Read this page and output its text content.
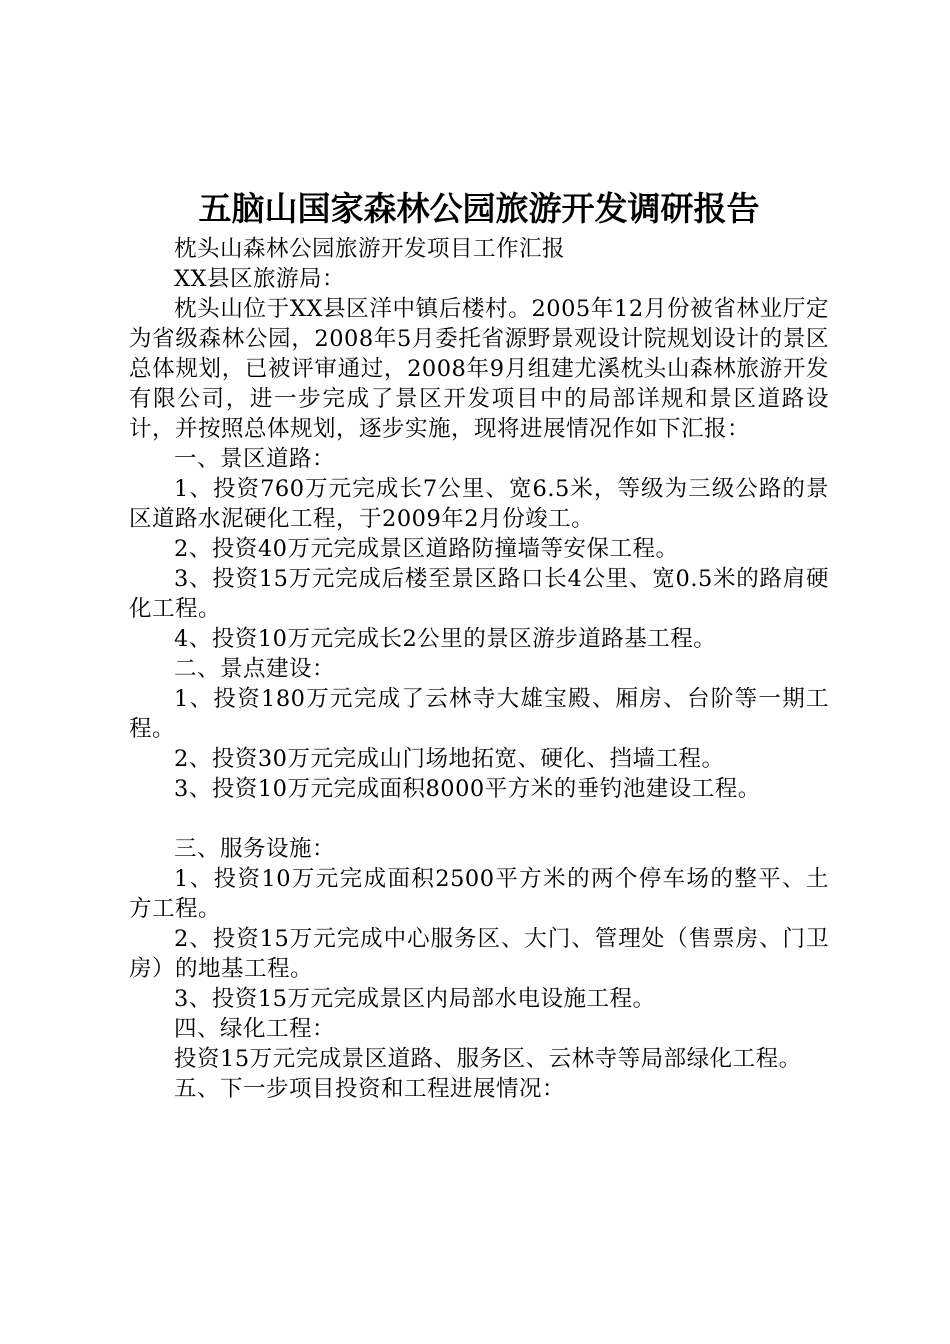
五脑山国家森林公园旅游开发调研报告

枕头山森林公园旅游开发项目工作汇报

XX县区旅游局：

枕头山位于XX县区洋中镇后楼村。2005年12月份被省林业厅定为省级森林公园，2008年5月委托省源野景观设计院规划设计的景区总体规划，已被评审通过，2008年9月组建尤溪枕头山森林旅游开发有限公司，进一步完成了景区开发项目中的局部详规和景区道路设计，并按照总体规划，逐步实施，现将进展情况作如下汇报：

一、景区道路：

1、投资760万元完成长7公里、宽6.5米，等级为三级公路的景区道路水泥硬化工程，于2009年2月份竣工。

2、投资40万元完成景区道路防撞墙等安保工程。

3、投资15万元完成后楼至景区路口长4公里、宽0.5米的路肩硬化工程。

4、投资10万元完成长2公里的景区游步道路基工程。

二、景点建设：

1、投资180万元完成了云林寺大雄宝殿、厢房、台阶等一期工程。

2、投资30万元完成山门场地拓宽、硬化、挡墙工程。

3、投资10万元完成面积8000平方米的垂钓池建设工程。

三、服务设施：

1、投资10万元完成面积2500平方米的两个停车场的整平、土方工程。

2、投资15万元完成中心服务区、大门、管理处（售票房、门卫房）的地基工程。

3、投资15万元完成景区内局部水电设施工程。

四、绿化工程：

投资15万元完成景区道路、服务区、云林寺等局部绿化工程。

五、下一步项目投资和工程进展情况：
